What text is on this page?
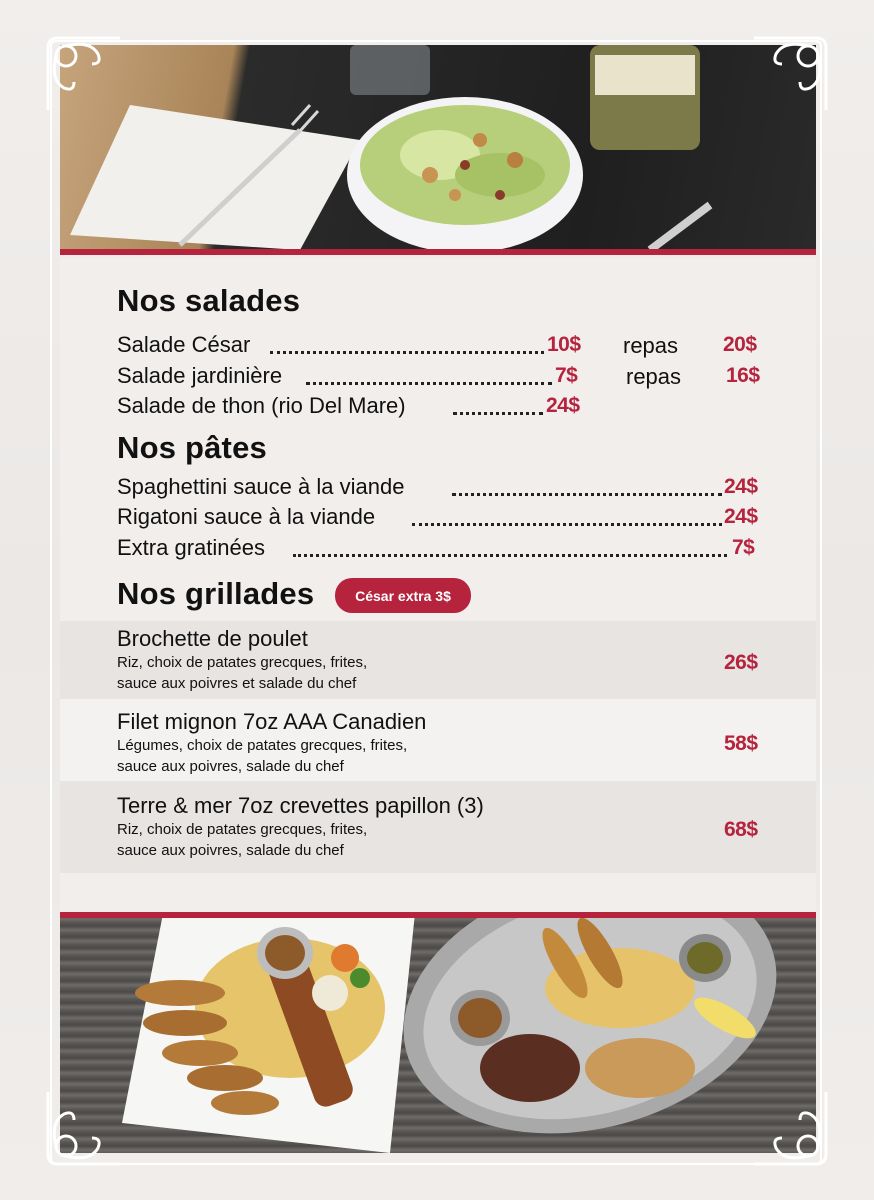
Nos salades
Salade César	10$ repas 20$
Salade jardinière	7$ repas 16$
Salade de thon (rio Del Mare)	24$
Nos pâtes
Spaghettini sauce à la viande	24$
Rigatoni sauce à la viande	24$
Extra gratinées	7$
Nos grillades	César extra 3$
Brochette de poulet
Riz, choix de patates grecques, frites,
sauce aux poivres et salade du chef
26$
Filet mignon 7oz AAA Canadien
Légumes, choix de patates grecques, frites,
sauce aux poivres, salade du chef
58$
Terre & mer 7oz crevettes papillon (3)
Riz, choix de patates grecques, frites,
sauce aux poivres, salade du chef
68$
